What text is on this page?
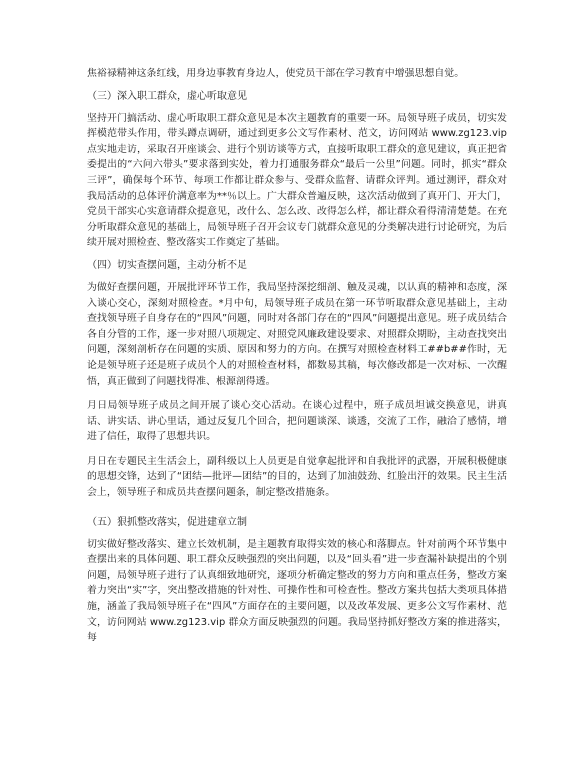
焦裕禄精神这条红线，用身边事教育身边人，使党员干部在学习教育中增强思想自觉。

（三）深入职工群众，虚心听取意见

坚持开门搞活动、虚心听取职工群众意见是本次主题教育的重要一环。局领导班子成员，切实发挥模范带头作用，带头蹲点调研，通过到更多公文写作素材、范文，访问网站 www.zg123.vip 点实地走访，采取召开座谈会、进行个别访谈等方式，直接听取职工群众的意见建议，真正把省委提出的“六问六带头”要求落到实处，着力打通服务群众“最后一公里”问题。同时，抓实“群众三评”，确保每个环节、每项工作都让群众参与、受群众监督、请群众评判。通过测评，群众对我局活动的总体评价满意率为**％以上。广大群众普遍反映，这次活动做到了真开门、开大门，党员干部实心实意请群众提意见，改什么、怎么改、改得怎么样，都让群众看得清清楚楚。在充分听取群众意见的基础上，局领导班子召开会议专门就群众意见的分类解决进行讨论研究，为后续开展对照检查、整改落实工作奠定了基础。

（四）切实查摆问题，主动分析不足

为做好查摆问题，开展批评环节工作，我局坚持深挖细剖、触及灵魂，以认真的精神和态度，深入谈心交心，深刻对照检查。*月中旬，局领导班子成员在第一环节听取群众意见基础上，主动查找领导班子自身存在的“四风”问题，同时对各部门存在的“四风”问题提出意见。班子成员结合各自分管的工作，逐一步对照八项规定、对照党风廉政建设要求、对照群众期盼，主动查找突出问题，深刻剖析存在问题的实质、原因和努力的方向。在撰写对照检查材料工##b##作时，无论是领导班子还是班子成员个人的对照检查材料，都数易其稿，每次修改都是一次对标、一次醒悟，真正做到了问题找得准、根源剖得透。

月日局领导班子成员之间开展了谈心交心活动。在谈心过程中，班子成员坦诚交换意见，讲真话、讲实话、讲心里话，通过反复几个回合，把问题谈深、谈透，交流了工作，融洽了感情，增进了信任，取得了思想共识。

月日在专题民主生活会上，副科级以上人员更是自觉拿起批评和自我批评的武器，开展积极健康的思想交锋，达到了“团结—批评—团结”的目的，达到了加油鼓劲、红脸出汗的效果。民主生活会上，领导班子和成员共查摆问题条，制定整改措施条。

（五）狠抓整改落实，促进建章立制

切实做好整改落实、建立长效机制，是主题教育取得实效的核心和落脚点。针对前两个环节集中查摆出来的具体问题、职工群众反映强烈的突出问题，以及“回头看”进一步查漏补缺提出的个别问题，局领导班子进行了认真细致地研究，逐项分析确定整改的努力方向和重点任务，整改方案着力突出“实”字，突出整改措施的针对性、可操作性和可检查性。整改方案共包括大类项具体措施，涵盖了我局领导班子在“四风”方面存在的主要问题，以及改革发展、更多公文写作素材、范文，访问网站 www.zg123.vip 群众方面反映强烈的问题。我局坚持抓好整改方案的推进落实，每
